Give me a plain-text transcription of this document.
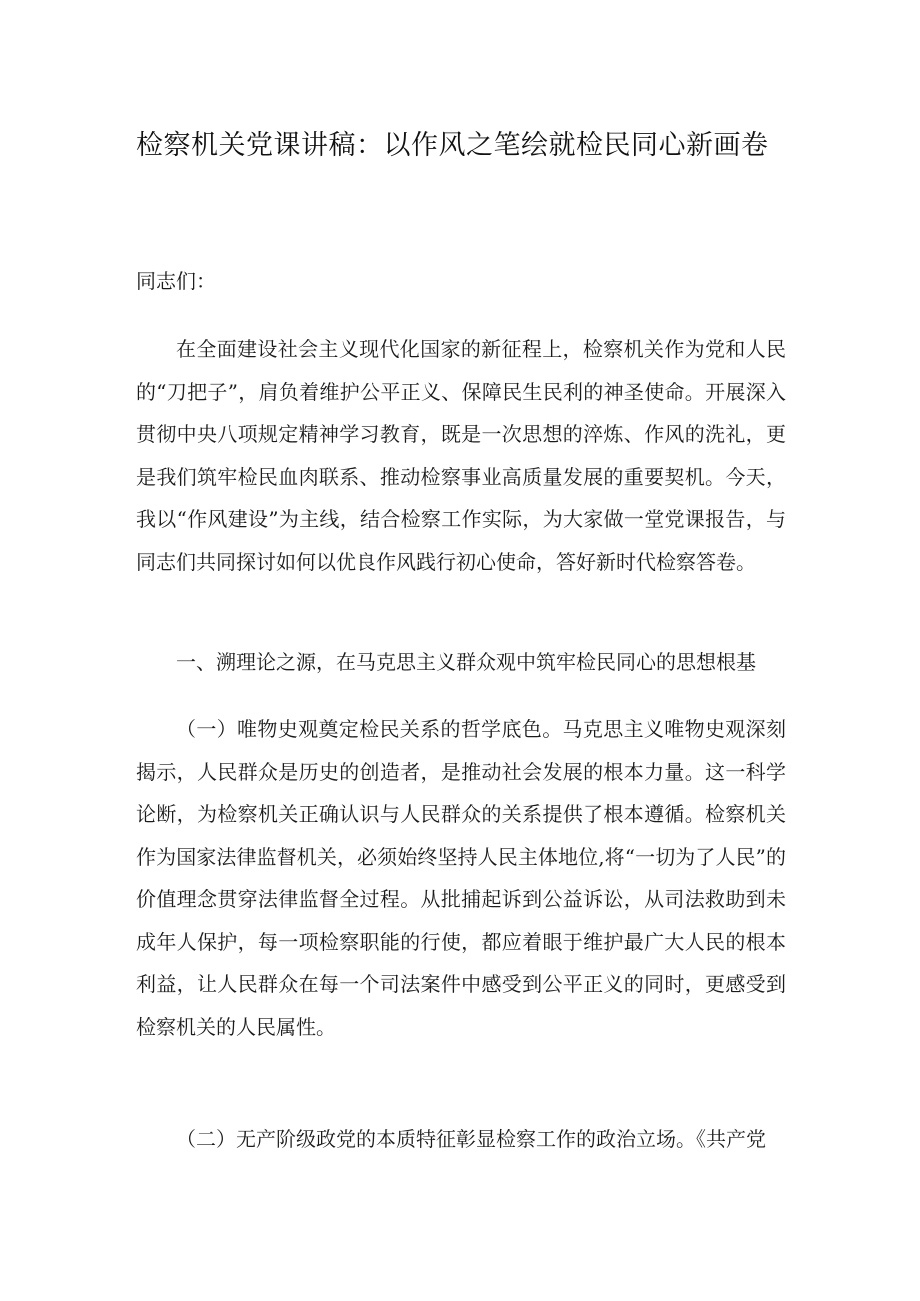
检察机关党课讲稿：以作风之笔绘就检民同心新画卷
同志们：

在全面建设社会主义现代化国家的新征程上，检察机关作为党和人民的“刀把子”，肩负着维护公平正义、保障民生民利的神圣使命。开展深入贯彻中央八项规定精神学习教育，既是一次思想的淬炼、作风的洗礼，更是我们筑牢检民血肉联系、推动检察事业高质量发展的重要契机。今天，我以“作风建设”为主线，结合检察工作实际，为大家做一堂党课报告，与同志们共同探讨如何以优良作风践行初心使命，答好新时代检察答卷。

一、溯理论之源，在马克思主义群众观中筑牢检民同心的思想根基

（一）唯物史观奠定检民关系的哲学底色。马克思主义唯物史观深刻揭示，人民群众是历史的创造者，是推动社会发展的根本力量。这一科学论断，为检察机关正确认识与人民群众的关系提供了根本遵循。检察机关作为国家法律监督机关，必须始终坚持人民主体地位,将“一切为了人民”的价值理念贯穿法律监督全过程。从批捕起诉到公益诉讼，从司法救助到未成年人保护，每一项检察职能的行使，都应着眼于维护最广大人民的根本利益，让人民群众在每一个司法案件中感受到公平正义的同时，更感受到检察机关的人民属性。

（二）无产阶级政党的本质特征彰显检察工作的政治立场。《共产党
